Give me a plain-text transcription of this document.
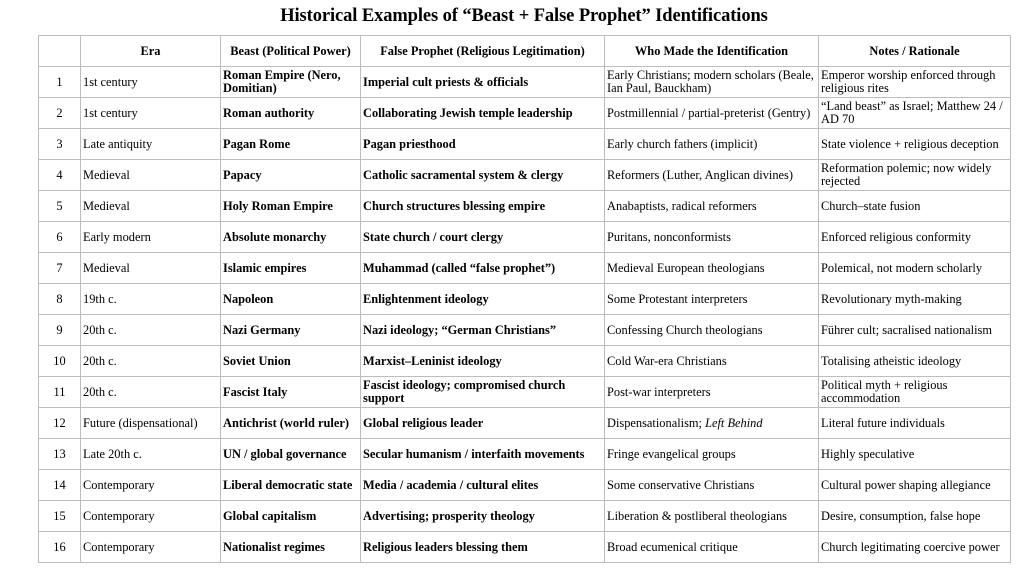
Historical Examples of “Beast + False Prophet” Identifications
	Era	Beast (Political Power)	False Prophet (Religious Legitimation)	Who Made the Identification	Notes / Rationale
1	1st century	Roman Empire (Nero, Domitian)	Imperial cult priests & officials	Early Christians; modern scholars (Beale, Ian Paul, Bauckham)	Emperor worship enforced through religious rites
2	1st century	Roman authority	Collaborating Jewish temple leadership	Postmillennial / partial-preterist (Gentry)	“Land beast” as Israel; Matthew 24 / AD 70
3	Late antiquity	Pagan Rome	Pagan priesthood	Early church fathers (implicit)	State violence + religious deception
4	Medieval	Papacy	Catholic sacramental system & clergy	Reformers (Luther, Anglican divines)	Reformation polemic; now widely rejected
5	Medieval	Holy Roman Empire	Church structures blessing empire	Anabaptists, radical reformers	Church–state fusion
6	Early modern	Absolute monarchy	State church / court clergy	Puritans, nonconformists	Enforced religious conformity
7	Medieval	Islamic empires	Muhammad (called “false prophet”)	Medieval European theologians	Polemical, not modern scholarly
8	19th c.	Napoleon	Enlightenment ideology	Some Protestant interpreters	Revolutionary myth-making
9	20th c.	Nazi Germany	Nazi ideology; “German Christians”	Confessing Church theologians	Führer cult; sacralised nationalism
10	20th c.	Soviet Union	Marxist–Leninist ideology	Cold War-era Christians	Totalising atheistic ideology
11	20th c.	Fascist Italy	Fascist ideology; compromised church support	Post-war interpreters	Political myth + religious accommodation
12	Future (dispensational)	Antichrist (world ruler)	Global religious leader	Dispensationalism; Left Behind	Literal future individuals
13	Late 20th c.	UN / global governance	Secular humanism / interfaith movements	Fringe evangelical groups	Highly speculative
14	Contemporary	Liberal democratic state	Media / academia / cultural elites	Some conservative Christians	Cultural power shaping allegiance
15	Contemporary	Global capitalism	Advertising; prosperity theology	Liberation & postliberal theologians	Desire, consumption, false hope
16	Contemporary	Nationalist regimes	Religious leaders blessing them	Broad ecumenical critique	Church legitimating coercive power
